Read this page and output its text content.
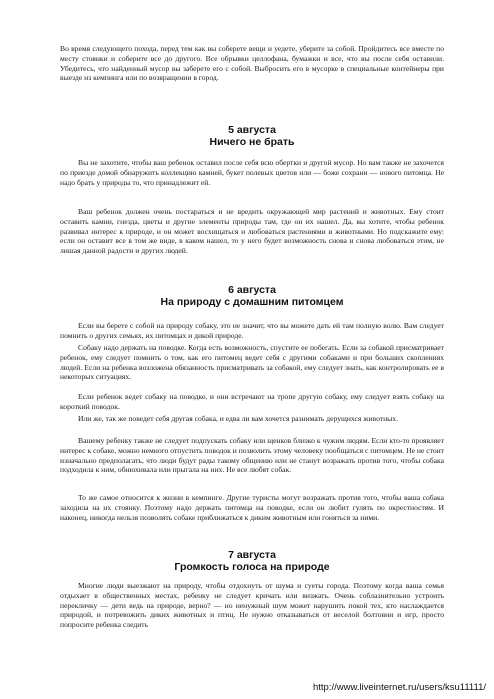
Во время следующего похода, перед тем как вы соберете вещи и уедете, уберите за собой. Пройдитесь все вместе по месту стоянки и соберите все до другого. Все обрывки целлофана, бумажки и все, что вы после себя оставили. Убедитесь, что найденный мусор вы заберете его с собой. Выбросить его в мусорке в специальные контейнеры при выезде из кемпинга или по возвращении в город.

5 августа
Ничего не брать

Вы не захотите, чтобы ваш ребенок оставил после себя всю обертки и другой мусор. Но вам также не захочется по приезде домой обнаружить коллекцию камней, букет полевых цветов или — боже сохрани — нового питомца. Не надо брать у природы то, что принадлежит ей.

Ваш ребенок должен очень постараться и не вредить окружающей мир растений и животных. Ему стоит оставить камни, гнезда, цветы и другие элементы природы там, где он их нашел. Да, вы хотите, чтобы ребенок развивал интерес к природе, и он может восхищаться и любоваться растениями и животными. Но подскажите ему: если он оставит все в том же виде, в каком нашел, то у него будет возможность снова и снова любоваться этим, не лишая данной радости и других людей.

6 августа
На природу с домашним питомцем

Если вы берете с собой на природу собаку, это не значит, что вы можете дать ей там полную волю. Вам следует помнить о других семьях, их питомцах и дикой природе.

Собаку надо держать на поводке. Когда есть возможность, спустите ее побегать. Если за собакой присматривает ребенок, ему следует помнить о том, как его питомец ведет себя с другими собаками и при больших скоплениях людей. Если на ребенка возложена обязанность присматривать за собакой, ему следует знать, как контролировать ее в некоторых ситуациях.

Если ребенок ведет собаку на поводке, и они встречают на тропе другую собаку, ему следует взять собаку на короткий поводок.

Или же, так же поведет себя другая собака, и едва ли вам хочется разнимать дерущихся животных.

Вашему ребенку также не следует подпускать собаку или щенков близко к чужим людям. Если кто-то проявляет интерес к собаке, можно немного отпустить поводок и позволить этому человеку пообщаться с питомцем. Не не стоит изначально предполагать, что люди будут рады такому общению или не станут возражать против того, чтобы собака подходила к ним, обнюхивала или прыгала на них. Не все любят собак.

То же самое относится к жизни в кемпинге. Другие туристы могут возражать против того, чтобы ваша собака заходила на их стоянку. Поэтому надо держать питомца на поводке, если он любит гулять по окрестностям. И наконец, никогда нельзя позволять собаке приближаться к диким животным или гоняться за ними.

7 августа
Громкость голоса на природе

Многие люди выезжают на природу, чтобы отдохнуть от шума и суеты города. Поэтому когда ваша семья отдыхает в общественных местах, ребенку не следует кричать или визжать. Очень соблазнительно устроить перекличку — дети ведь на природе, верно? — но ненужный шум может нарушить покой тех, кто наслаждается природой, и потревожить диких животных и птиц. Не нужно отказываться от веселой болтовни и игр, просто попросите ребенка следить

http://www.liveinternet.ru/users/ksu11111/
